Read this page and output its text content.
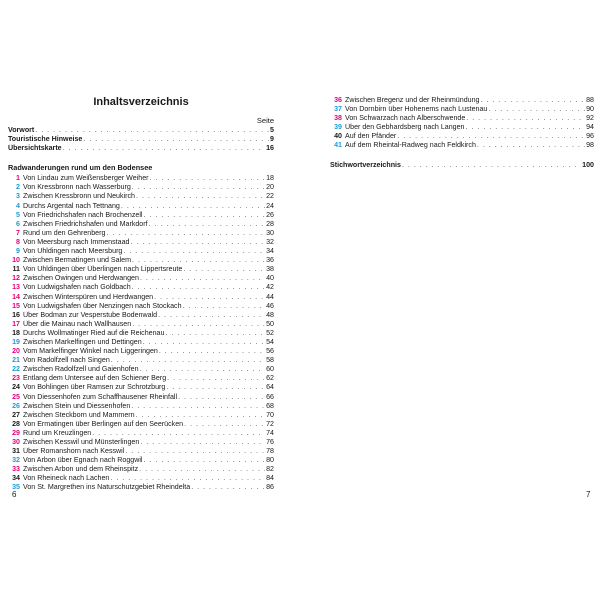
Inhaltsverzeichnis
Seite
Vorwort . . .	5
Touristische Hinweise . . .	9
Übersichtskarte . . .	16
Radwanderungen rund um den Bodensee
1 Von Lindau zum Weißensberger Weiher . . .	18
2 Von Kressbronn nach Wasserburg . . .	20
3 Zwischen Kressbronn und Neukirch . . .	22
4 Durchs Argental nach Tettnang . . .	24
5 Von Friedrichshafen nach Brochenzell . . .	26
6 Zwischen Friedrichshafen und Markdorf . . .	28
7 Rund um den Gehrenberg . . .	30
8 Von Meersburg nach Immenstaad . . .	32
9 Von Uhldingen nach Meersburg . . .	34
10 Zwischen Bermatingen und Salem . . .	36
11 Von Uhldingen über Überlingen nach Lippertsreute . . .	38
12 Zwischen Owingen und Herdwangen . . .	40
13 Von Ludwigshafen nach Goldbach . . .	42
14 Zwischen Winterspüren und Herdwangen . . .	44
15 Von Ludwigshafen über Nenzingen nach Stockach . . .	46
16 Über Bodman zur Vesperstube Bodenwald . . .	48
17 Über die Mainau nach Wallhausen . . .	50
18 Durchs Wollmatinger Ried auf die Reichenau . . .	52
19 Zwischen Markelfingen und Dettingen . . .	54
20 Vom Markelfinger Winkel nach Liggeringen . . .	56
21 Von Radolfzell nach Singen . . .	58
22 Zwischen Radolfzell und Gaienhofen . . .	60
23 Entlang dem Untersee auf den Schiener Berg . . .	62
24 Von Bohlingen über Ramsen zur Schrotzburg . . .	64
25 Von Diessenhofen zum Schaffhausener Rheinfall . . .	66
26 Zwischen Stein und Diessenhofen . . .	68
27 Zwischen Steckborn und Mammern . . .	70
28 Von Ermatingen über Berlingen auf den Seerücken . . .	72
29 Rund um Kreuzlingen . . .	74
30 Zwischen Kesswil und Münsterlingen . . .	76
31 Über Romanshorn nach Kesswil . . .	78
32 Von Arbon über Egnach nach Roggwil . . .	80
33 Zwischen Arbon und dem Rheinspitz . . .	82
34 Von Rheineck nach Lachen . . .	84
35 Von St. Margrethen ins Naturschutzgebiet Rheindelta . . .	86
36 Zwischen Bregenz und der Rheinmündung . . .	88
37 Von Dornbirn über Hohenems nach Lustenau . . .	90
38 Von Schwarzach nach Alberschwende . . .	92
39 Über den Gebhardsberg nach Langen . . .	94
40 Auf den Pfänder . . .	96
41 Auf dem Rheintal-Radweg nach Feldkirch . . .	98
Stichwortverzeichnis . . .	100
6	7
